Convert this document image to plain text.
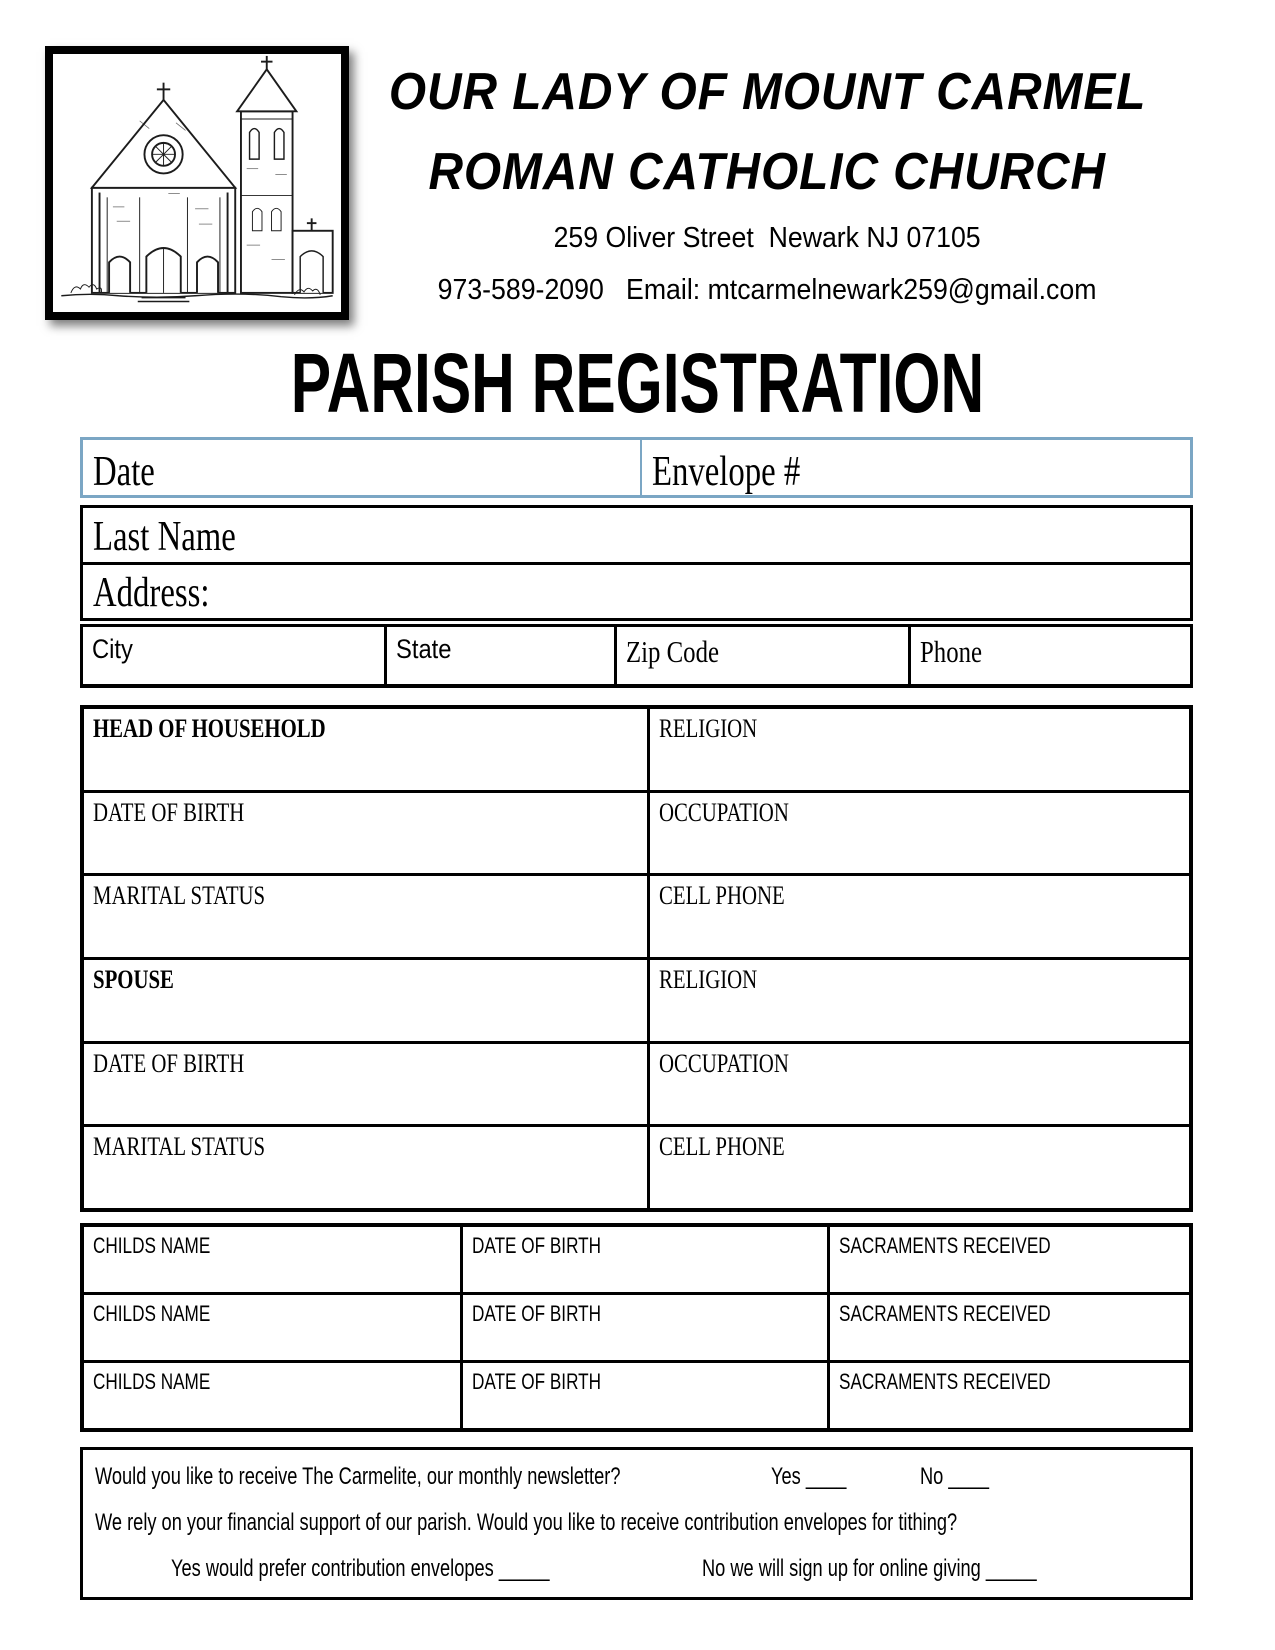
OUR LADY OF MOUNT CARMEL
ROMAN CATHOLIC CHURCH
259 Oliver Street  Newark NJ 07105
973-589-2090   Email: mtcarmelnewark259@gmail.com
PARISH REGISTRATION
Date	Envelope #
Last Name
Address:
City	State	Zip Code	Phone
HEAD OF HOUSEHOLD	RELIGION
DATE OF BIRTH	OCCUPATION
MARITAL STATUS	CELL PHONE
SPOUSE	RELIGION
DATE OF BIRTH	OCCUPATION
MARITAL STATUS	CELL PHONE
CHILDS NAME	DATE OF BIRTH	SACRAMENTS RECEIVED
CHILDS NAME	DATE OF BIRTH	SACRAMENTS RECEIVED
CHILDS NAME	DATE OF BIRTH	SACRAMENTS RECEIVED
Would you like to receive The Carmelite, our monthly newsletter?	Yes ____	No ____
We rely on your financial support of our parish. Would you like to receive contribution envelopes for tithing?
Yes would prefer contribution envelopes _____	No we will sign up for online giving _____
